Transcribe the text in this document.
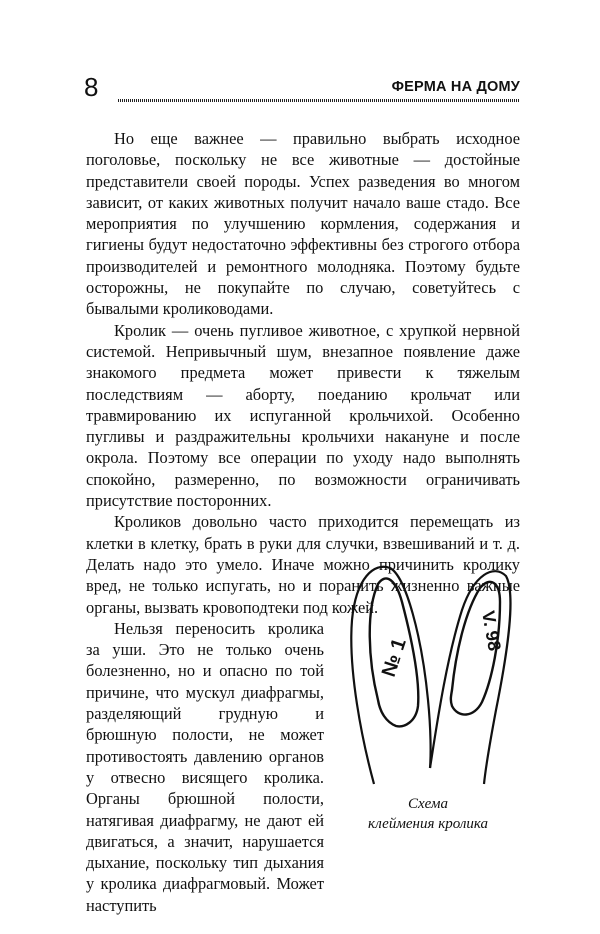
8	ФЕРМА НА ДОМУ

Но еще важнее — правильно выбрать исходное поголовье, поскольку не все животные — достойные представители своей породы. Успех разведения во многом зависит, от каких животных получит начало ваше стадо. Все мероприятия по улучшению кормления, содержания и гигиены будут недостаточно эффективны без строгого отбора производителей и ремонтного молодняка. Поэтому будьте осторожны, не покупайте по случаю, советуйтесь с бывалыми кролиководами.

Кролик — очень пугливое животное, с хрупкой нервной системой. Непривычный шум, внезапное появление даже знакомого предмета может привести к тяжелым последствиям — аборту, поеданию крольчат или травмированию их испуганной крольчихой. Особенно пугливы и раздражительны крольчихи накануне и после окрола. Поэтому все операции по уходу надо выполнять спокойно, размеренно, по возможности ограничивать присутствие посторонних.

Кроликов довольно часто приходится перемещать из клетки в клетку, брать в руки для случки, взвешиваний и т. д. Делать надо это умело. Иначе можно причинить кролику вред, не только испугать, но и поранить жизненно важные органы, вызвать кровоподтеки под кожей.

Нельзя переносить кролика за уши. Это не только очень болезненно, но и опасно по той причине, что мускул диафрагмы, разделяющий грудную и брюшную полости, не может противостоять давлению органов у отвесно висящего кролика. Органы брюшной полости, натягивая диафрагму, не дают ей двигаться, а значит, нарушается дыхание, поскольку тип дыхания у кролика диафрагмовый. Может наступить

№ 1
V. 98
Схема
клеймения кролика
